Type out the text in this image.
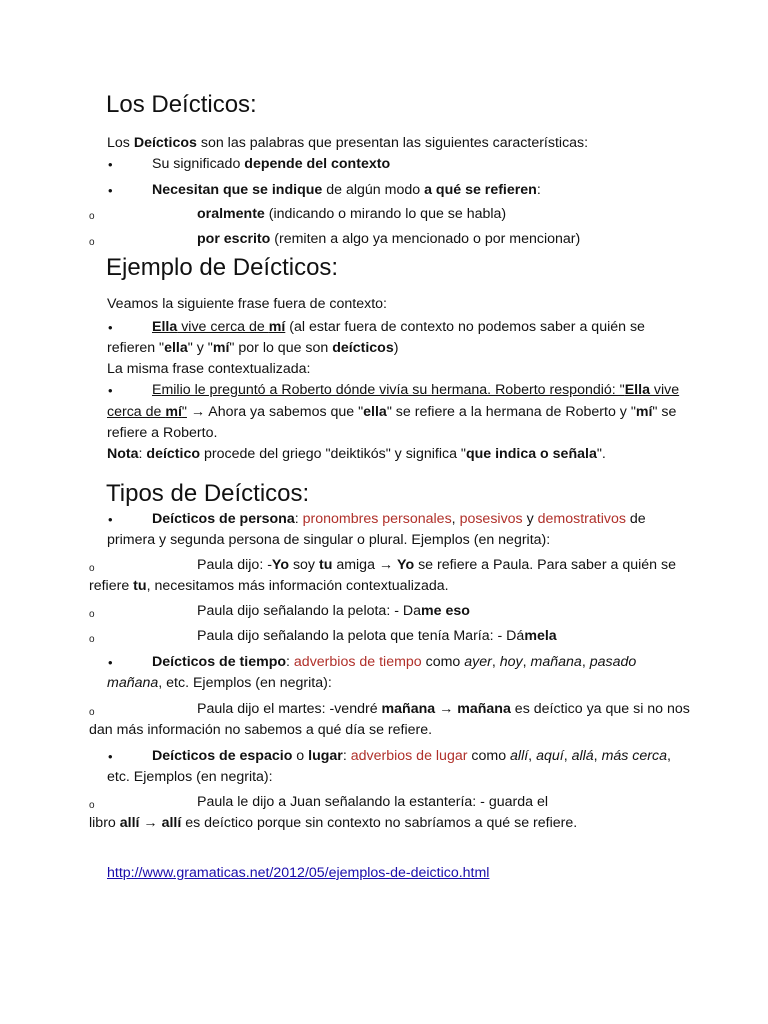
Los Deícticos:
Los Deícticos son las palabras que presentan las siguientes características:
•	Su significado depende del contexto
•	Necesitan que se indique de algún modo a qué se refieren:
o	oralmente (indicando o mirando lo que se habla)
o	por escrito (remiten a algo ya mencionado o por mencionar)
Ejemplo de Deícticos:
Veamos la siguiente frase fuera de contexto:
•	Ella vive cerca de mí (al estar fuera de contexto no podemos saber a quién se
refieren "ella" y "mí" por lo que son deícticos)
La misma frase contextualizada:
•	Emilio le preguntó a Roberto dónde vivía su hermana. Roberto respondió: "Ella vive
cerca de mí" → Ahora ya sabemos que "ella" se refiere a la hermana de Roberto y "mí" se
refiere a Roberto.
Nota: deíctico procede del griego "deiktikós" y significa "que indica o señala".
Tipos de Deícticos:
•	Deícticos de persona: pronombres personales, posesivos y demostrativos de
primera y segunda persona de singular o plural. Ejemplos (en negrita):
o	Paula dijo: -Yo soy tu amiga → Yo se refiere a Paula. Para saber a quién se
refiere tu, necesitamos más información contextualizada.
o	Paula dijo señalando la pelota: - Dame eso
o	Paula dijo señalando la pelota que tenía María: - Dámela
•	Deícticos de tiempo: adverbios de tiempo como ayer, hoy, mañana, pasado
mañana, etc. Ejemplos (en negrita):
o	Paula dijo el martes: -vendré mañana → mañana es deíctico ya que si no nos
dan más información no sabemos a qué día se refiere.
•	Deícticos de espacio o lugar: adverbios de lugar como allí, aquí, allá, más cerca,
etc. Ejemplos (en negrita):
o	Paula le dijo a Juan señalando la estantería: - guarda el
libro allí → allí es deíctico porque sin contexto no sabríamos a qué se refiere.
http://www.gramaticas.net/2012/05/ejemplos-de-deictico.html
